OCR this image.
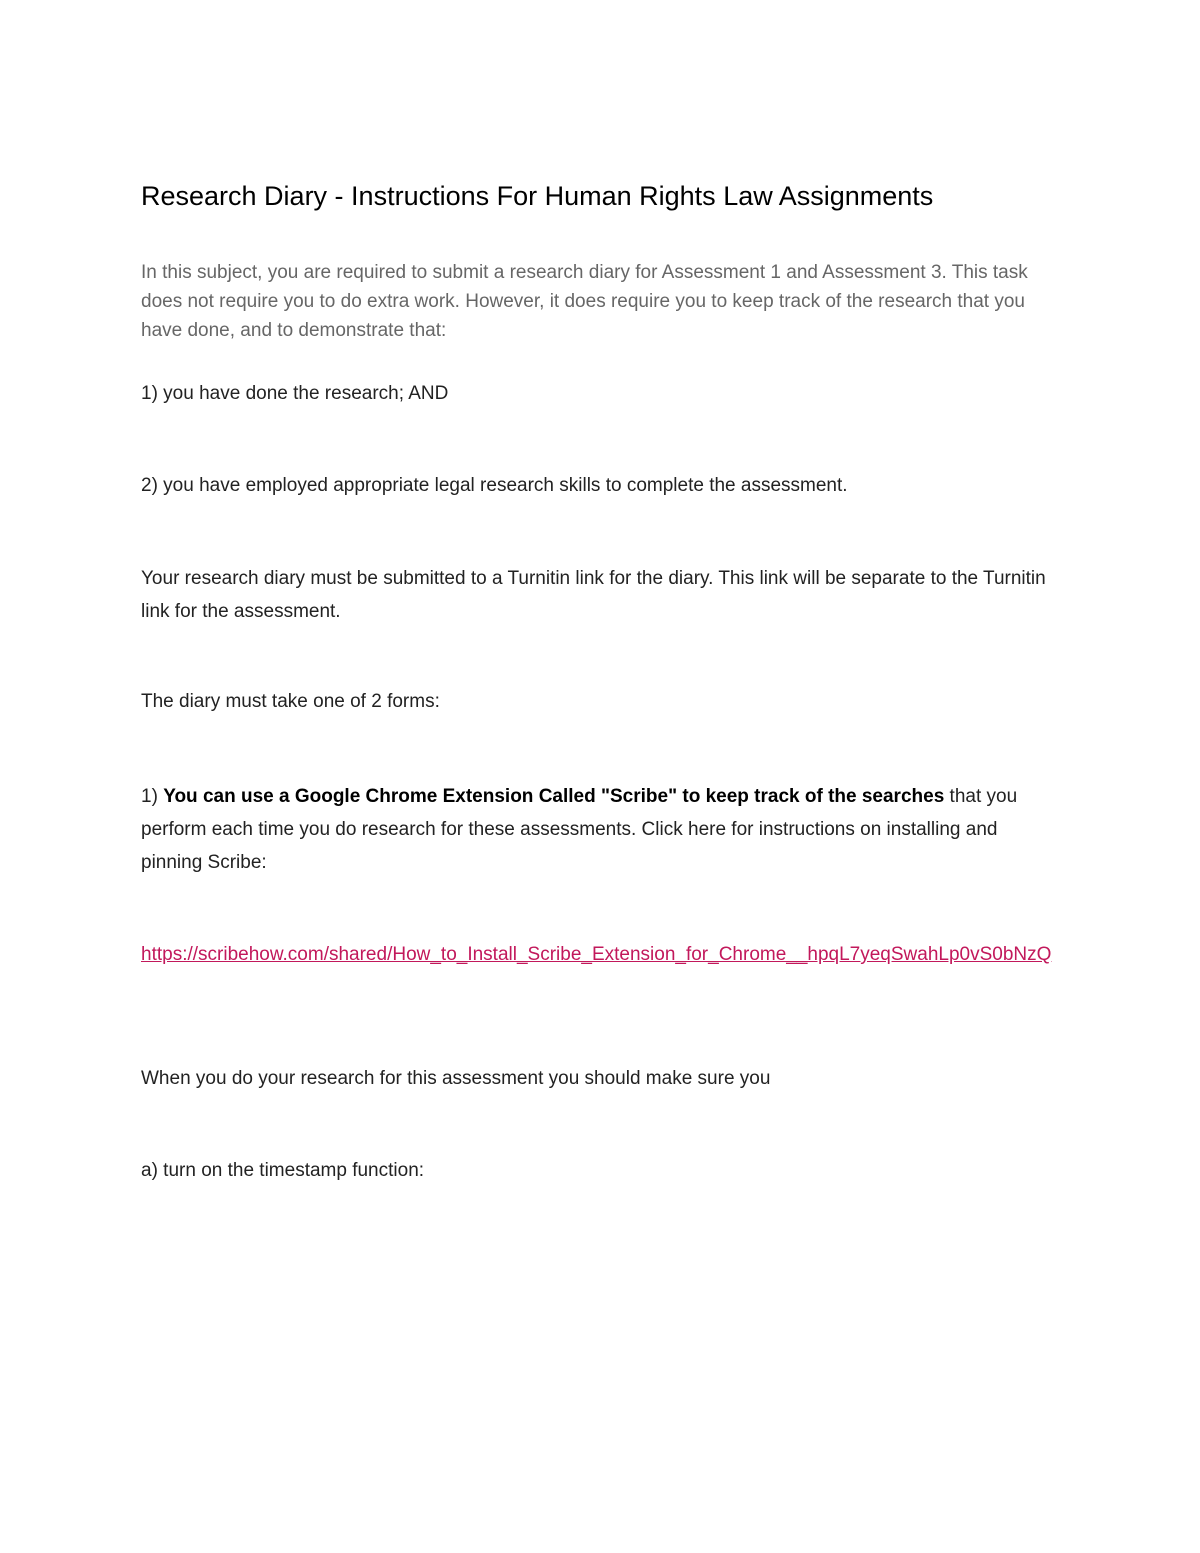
Research Diary - Instructions For Human Rights Law Assignments

In this subject, you are required to submit a research diary for Assessment 1 and Assessment 3. This task does not require you to do extra work. However, it does require you to keep track of the research that you have done, and to demonstrate that:

1) you have done the research; AND

2) you have employed appropriate legal research skills to complete the assessment.

Your research diary must be submitted to a Turnitin link for the diary. This link will be separate to the Turnitin link for the assessment.

The diary must take one of 2 forms:

1) You can use a Google Chrome Extension Called "Scribe" to keep track of the searches that you perform each time you do research for these assessments. Click here for instructions on installing and pinning Scribe:

https://scribehow.com/shared/How_to_Install_Scribe_Extension_for_Chrome__hpqL7yeqSwahLp0vS0bNzQ

When you do your research for this assessment you should make sure you

a) turn on the timestamp function:
